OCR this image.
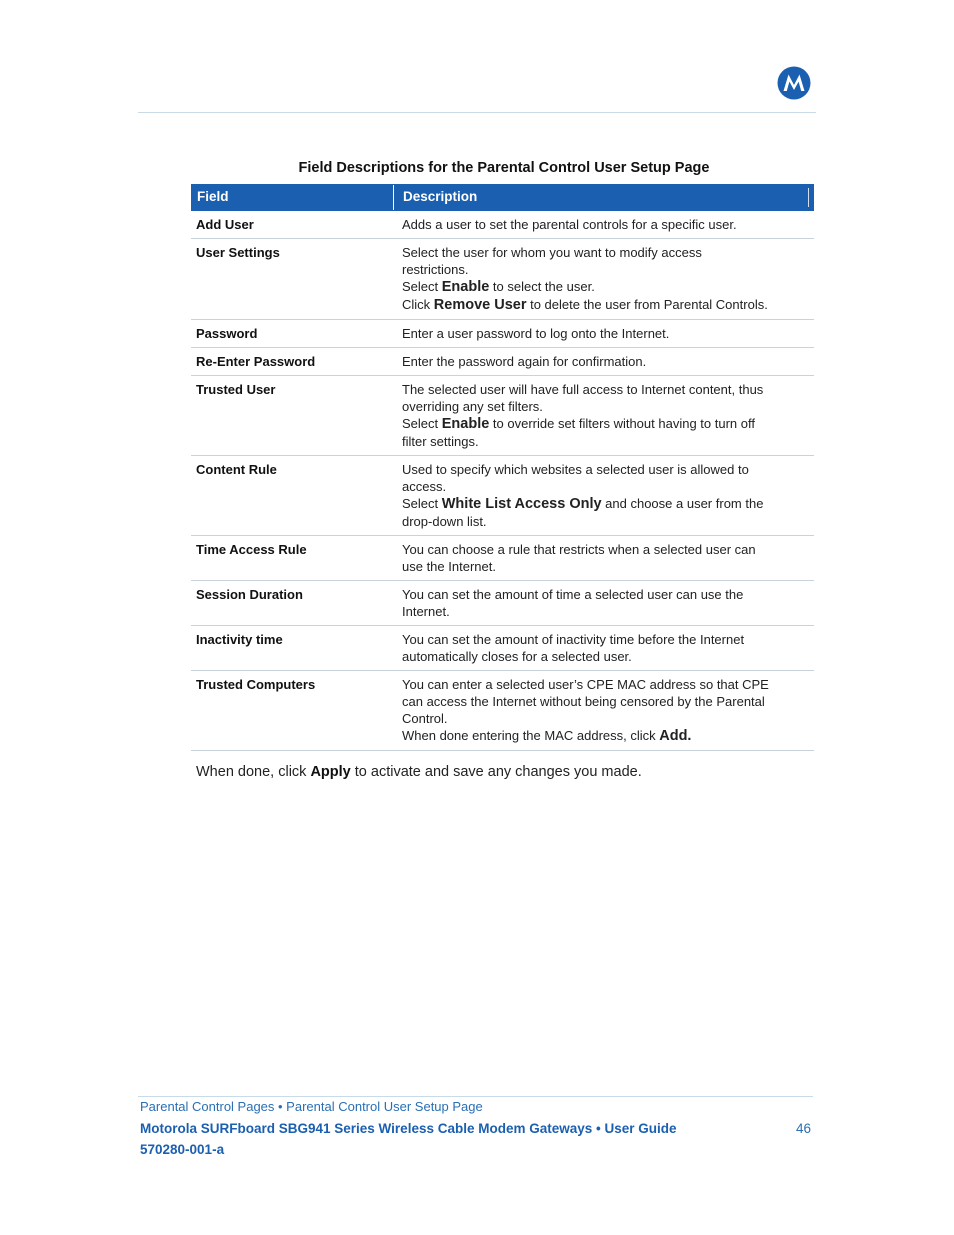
Field Descriptions for the Parental Control User Setup Page
Field	Description
Add User	Adds a user to set the parental controls for a specific user.
User Settings	Select the user for whom you want to modify access
restrictions.
Select Enable to select the user.
Click Remove User to delete the user from Parental Controls.
Password	Enter a user password to log onto the Internet.
Re-Enter Password	Enter the password again for confirmation.
Trusted User	The selected user will have full access to Internet content, thus
overriding any set filters.
Select Enable to override set filters without having to turn off
filter settings.
Content Rule	Used to specify which websites a selected user is allowed to
access.
Select White List Access Only and choose a user from the
drop-down list.
Time Access Rule	You can choose a rule that restricts when a selected user can
use the Internet.
Session Duration	You can set the amount of time a selected user can use the
Internet.
Inactivity time	You can set the amount of inactivity time before the Internet
automatically closes for a selected user.
Trusted Computers	You can enter a selected user’s CPE MAC address so that CPE
can access the Internet without being censored by the Parental
Control.
When done entering the MAC address, click Add.
When done, click Apply to activate and save any changes you made.
Parental Control Pages • Parental Control User Setup Page
Motorola SURFboard SBG941 Series Wireless Cable Modem Gateways • User Guide
570280-001-a
46
